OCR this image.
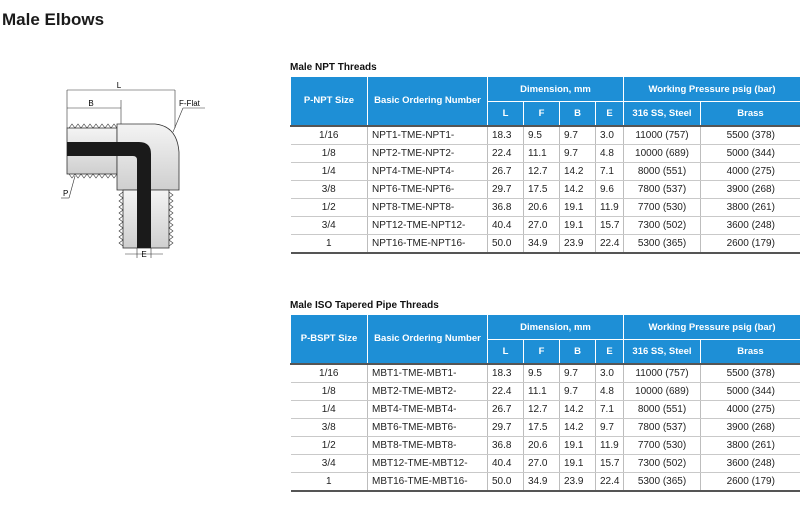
Male Elbows
L
B	F-Flat
P
E
Male NPT Threads
P-NPT Size	Basic Ordering Number	Dimension, mm				Working Pressure psig (bar)	
		L	F	B	E	316 SS, Steel	Brass
1/16	NPT1-TME-NPT1-	18.3	9.5	9.7	3.0	11000 (757)	5500 (378)
1/8	NPT2-TME-NPT2-	22.4	11.1	9.7	4.8	10000 (689)	5000 (344)
1/4	NPT4-TME-NPT4-	26.7	12.7	14.2	7.1	8000 (551)	4000 (275)
3/8	NPT6-TME-NPT6-	29.7	17.5	14.2	9.6	7800 (537)	3900 (268)
1/2	NPT8-TME-NPT8-	36.8	20.6	19.1	11.9	7700 (530)	3800 (261)
3/4	NPT12-TME-NPT12-	40.4	27.0	19.1	15.7	7300 (502)	3600 (248)
1	NPT16-TME-NPT16-	50.0	34.9	23.9	22.4	5300 (365)	2600 (179)
Male ISO Tapered Pipe Threads
P-BSPT Size	Basic Ordering Number	Dimension, mm				Working Pressure psig (bar)	
		L	F	B	E	316 SS, Steel	Brass
1/16	MBT1-TME-MBT1-	18.3	9.5	9.7	3.0	11000 (757)	5500 (378)
1/8	MBT2-TME-MBT2-	22.4	11.1	9.7	4.8	10000 (689)	5000 (344)
1/4	MBT4-TME-MBT4-	26.7	12.7	14.2	7.1	8000 (551)	4000 (275)
3/8	MBT6-TME-MBT6-	29.7	17.5	14.2	9.7	7800 (537)	3900 (268)
1/2	MBT8-TME-MBT8-	36.8	20.6	19.1	11.9	7700 (530)	3800 (261)
3/4	MBT12-TME-MBT12-	40.4	27.0	19.1	15.7	7300 (502)	3600 (248)
1	MBT16-TME-MBT16-	50.0	34.9	23.9	22.4	5300 (365)	2600 (179)
